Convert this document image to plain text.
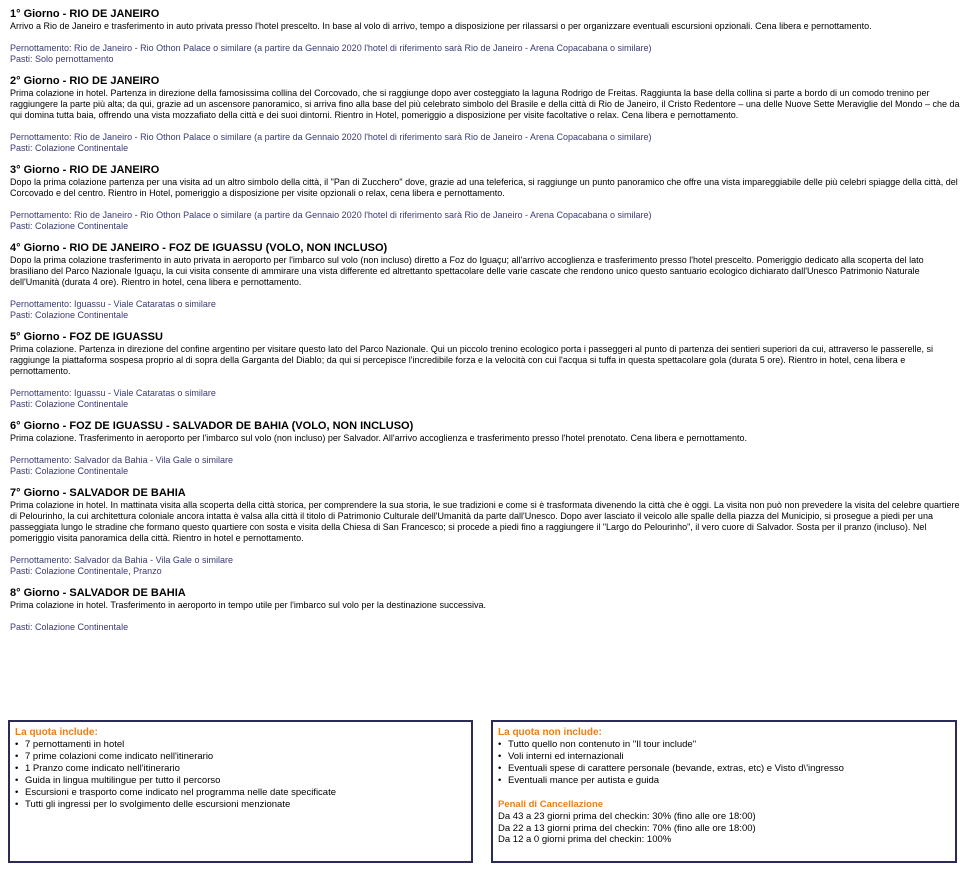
1° Giorno - RIO DE JANEIRO

Arrivo a Rio de Janeiro e trasferimento in auto privata presso l'hotel prescelto. In base al volo di arrivo, tempo a disposizione per rilassarsi o per organizzare eventuali escursioni opzionali. Cena libera e pernottamento.

Pernottamento: Rio de Janeiro - Rio Othon Palace o similare (a partire da Gennaio 2020 l'hotel di riferimento sarà Rio de Janeiro - Arena Copacabana o similare)

Pasti: Solo pernottamento

2° Giorno - RIO DE JANEIRO

Prima colazione in hotel. Partenza in direzione della famosissima collina del Corcovado, che si raggiunge dopo aver costeggiato la laguna Rodrigo de Freitas. Raggiunta la base della collina si parte a bordo di un comodo trenino per raggiungere la parte più alta; da qui, grazie ad un ascensore panoramico, si arriva fino alla base del più celebrato simbolo del Brasile e della città di Rio de Janeiro, il Cristo Redentore – una delle Nuove Sette Meraviglie del Mondo – che da qui domina tutta baia, offrendo una vista mozzafiato della città e dei suoi dintorni. Rientro in Hotel, pomeriggio a disposizione per visite facoltative o relax. Cena libera e pernottamento.

Pernottamento: Rio de Janeiro - Rio Othon Palace o similare (a partire da Gennaio 2020 l'hotel di riferimento sarà Rio de Janeiro - Arena Copacabana o similare)

Pasti: Colazione Continentale

3° Giorno - RIO DE JANEIRO

Dopo la prima colazione partenza per una visita ad un altro simbolo della città, il "Pan di Zucchero" dove, grazie ad una teleferica, si raggiunge un punto panoramico che offre una vista impareggiabile delle più celebri spiagge della città, del Corcovado e del centro. Rientro in Hotel, pomeriggio a disposizione per visite opzionali o relax, cena libera e pernottamento.

Pernottamento: Rio de Janeiro - Rio Othon Palace o similare (a partire da Gennaio 2020 l'hotel di riferimento sarà Rio de Janeiro - Arena Copacabana o similare)

Pasti: Colazione Continentale

4° Giorno - RIO DE JANEIRO - FOZ DE IGUASSU (VOLO, NON INCLUSO)

Dopo la prima colazione trasferimento in auto privata in aeroporto per l'imbarco sul volo (non incluso) diretto a Foz do Iguaçu; all'arrivo accoglienza e trasferimento presso l'hotel prescelto. Pomeriggio dedicato alla scoperta del lato brasiliano del Parco Nazionale Iguaçu, la cui visita consente di ammirare una vista differente ed altrettanto spettacolare delle varie cascate che rendono unico questo santuario ecologico dichiarato dall'Unesco Patrimonio Naturale dell'Umanità (durata 4 ore). Rientro in hotel, cena libera e pernottamento.

Pernottamento: Iguassu - Viale Cataratas o similare

Pasti: Colazione Continentale

5° Giorno - FOZ DE IGUASSU

Prima colazione. Partenza in direzione del confine argentino per visitare questo lato del Parco Nazionale. Qui un piccolo trenino ecologico porta i passeggeri al punto di partenza dei sentieri superiori da cui, attraverso le passerelle, si raggiunge la piattaforma sospesa proprio al di sopra della Garganta del Diablo; da qui si percepisce l'incredibile forza e la velocità con cui l'acqua si tuffa in questa spettacolare gola (durata 5 ore). Rientro in hotel, cena libera e pernottamento.

Pernottamento: Iguassu - Viale Cataratas o similare

Pasti: Colazione Continentale

6° Giorno - FOZ DE IGUASSU - SALVADOR DE BAHIA (VOLO, NON INCLUSO)

Prima colazione. Trasferimento in aeroporto per l'imbarco sul volo (non incluso) per Salvador. All'arrivo accoglienza e trasferimento presso l'hotel prenotato. Cena libera e pernottamento.

Pernottamento: Salvador da Bahia - Vila Gale o similare

Pasti: Colazione Continentale

7° Giorno - SALVADOR DE BAHIA

Prima colazione in hotel. In mattinata visita alla scoperta della città storica, per comprendere la sua storia, le sue tradizioni e come si è trasformata divenendo la città che è oggi. La visita non può non prevedere la visita del celebre quartiere di Pelourinho, la cui architettura coloniale ancora intatta è valsa alla città il titolo di Patrimonio Culturale dell'Umanità da parte dall'Unesco. Dopo aver lasciato il veicolo alle spalle della piazza del Municipio, si prosegue a piedi per una passeggiata lungo le stradine che formano questo quartiere con sosta e visita della Chiesa di San Francesco; si procede a piedi fino a raggiungere il "Largo do Pelourinho", il vero cuore di Salvador. Sosta per il pranzo (incluso). Nel pomeriggio visita panoramica della città. Rientro in hotel e pernottamento.

Pernottamento: Salvador da Bahia - Vila Gale o similare

Pasti: Colazione Continentale, Pranzo

8° Giorno - SALVADOR DE BAHIA

Prima colazione in hotel. Trasferimento in aeroporto in tempo utile per l'imbarco sul volo per la destinazione successiva.

Pasti: Colazione Continentale

La quota include:

• 7 pernottamenti in hotel
• 7 prime colazioni come indicato nell'itinerario
• 1 Pranzo come indicato nell'itinerario
• Guida in lingua multilingue per tutto il percorso
• Escursioni e trasporto come indicato nel programma nelle date specificate
• Tutti gli ingressi per lo svolgimento delle escursioni menzionate

La quota non include:

• Tutto quello non contenuto in "Il tour include"
• Voli interni ed internazionali
• Eventuali spese di carattere personale (bevande, extras, etc) e Visto d\'ingresso
• Eventuali mance per autista e guida

Penali di Cancellazione

Da 43 a 23 giorni prima del checkin: 30% (fino alle ore 18:00)

Da 22 a 13 giorni prima del checkin: 70% (fino alle ore 18:00)

Da 12 a 0 giorni prima del checkin: 100%
